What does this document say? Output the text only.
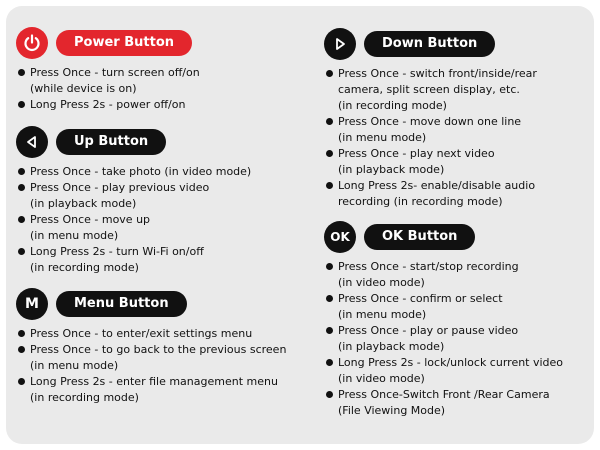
Power Button
Press Once - turn screen off/on
(while device is on)
Long Press 2s - power off/on
Up Button
Press Once - take photo (in video mode)
Press Once - play previous video
(in playback mode)
Press Once - move up
(in menu mode)
Long Press 2s - turn Wi-Fi on/off
(in recording mode)
M	Menu Button
Press Once - to enter/exit settings menu
Press Once - to go back to the previous screen
(in menu mode)
Long Press 2s - enter file management menu
(in recording mode)
Down Button
Press Once - switch front/inside/rear
camera, split screen display, etc.
(in recording mode)
Press Once - move down one line
(in menu mode)
Press Once - play next video
(in playback mode)
Long Press 2s- enable/disable audio
recording (in recording mode)
OK	OK Button
Press Once - start/stop recording
(in video mode)
Press Once - confirm or select
(in menu mode)
Press Once - play or pause video
(in playback mode)
Long Press 2s - lock/unlock current video
(in video mode)
Press Once-Switch Front /Rear Camera
(File Viewing Mode)
